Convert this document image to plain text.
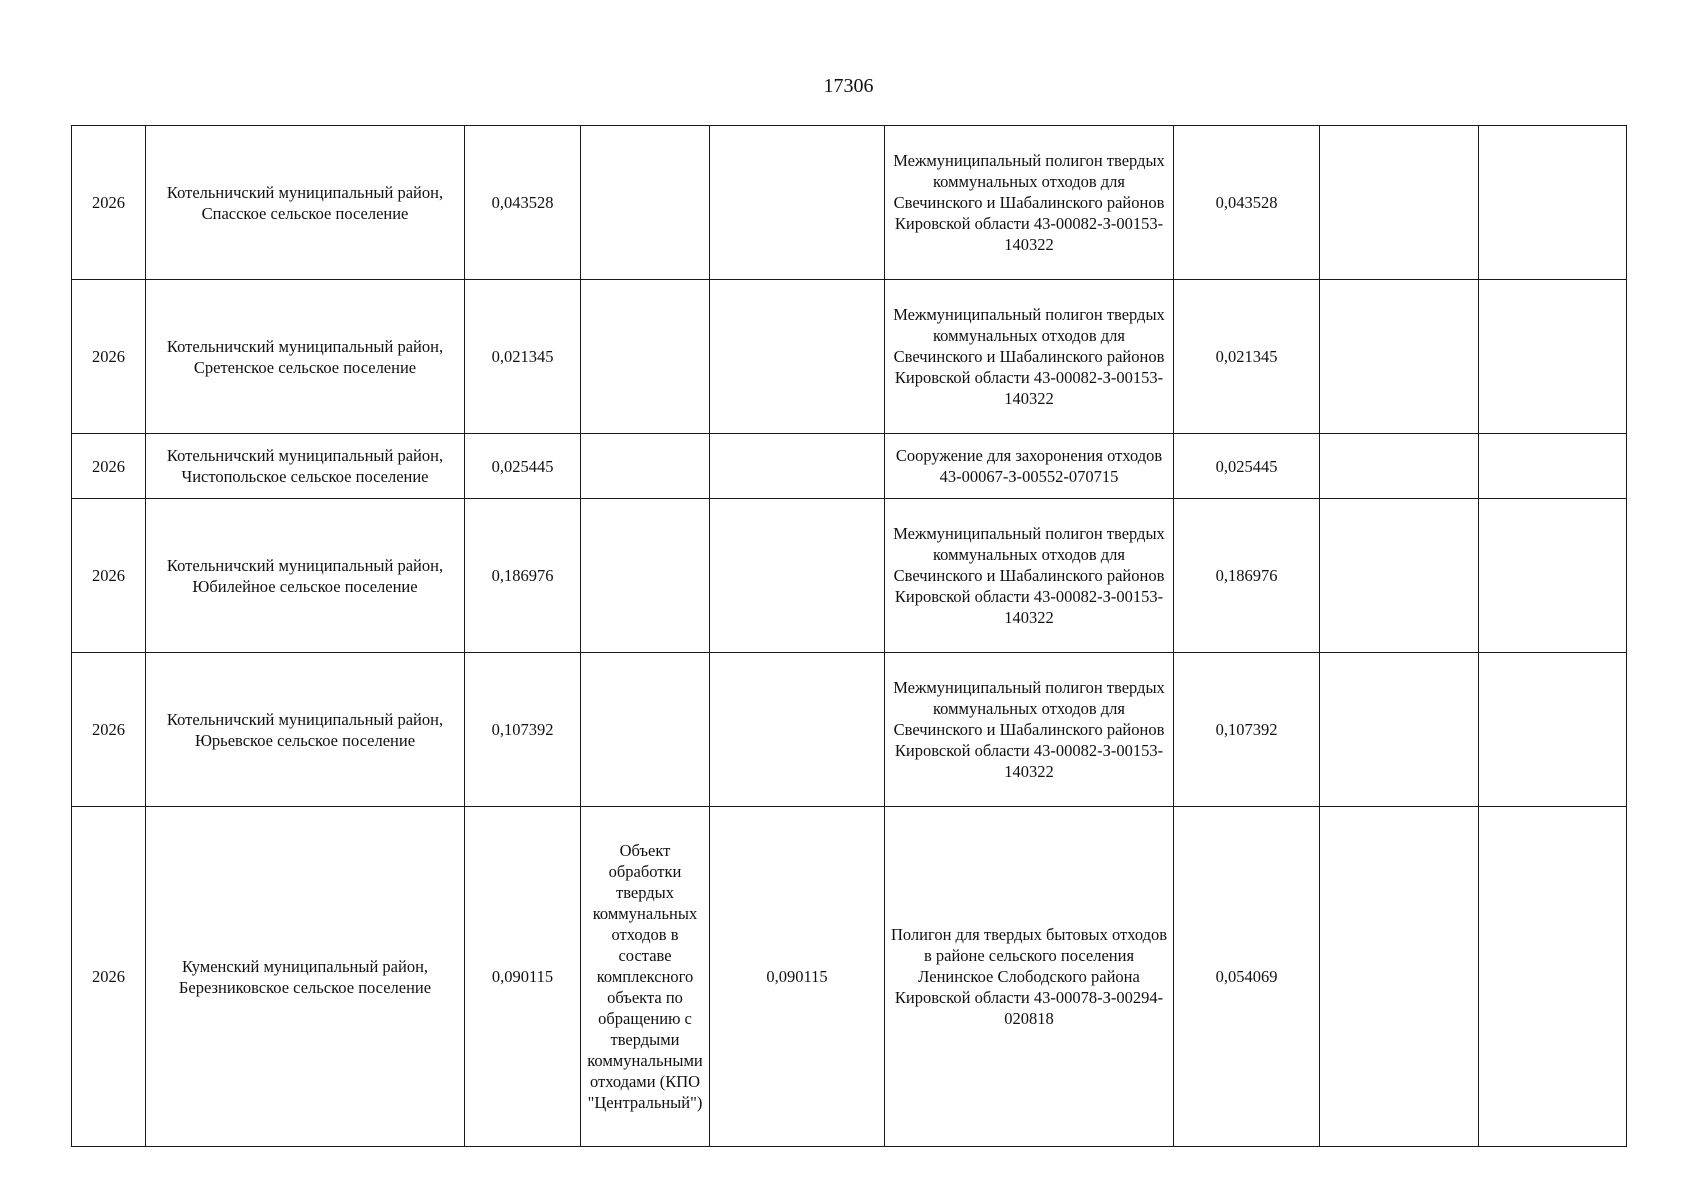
17306
2026	Котельничский муниципальный район, Спасское сельское поселение	0,043528			Межмуниципальный полигон твердых коммунальных отходов для Свечинского и Шабалинского районов Кировской области 43-00082-З-00153-140322	0,043528		
2026	Котельничский муниципальный район, Сретенское сельское поселение	0,021345			Межмуниципальный полигон твердых коммунальных отходов для Свечинского и Шабалинского районов Кировской области 43-00082-З-00153-140322	0,021345		
2026	Котельничский муниципальный район, Чистопольское сельское поселение	0,025445			Сооружение для захоронения отходов 43-00067-З-00552-070715	0,025445		
2026	Котельничский муниципальный район, Юбилейное сельское поселение	0,186976			Межмуниципальный полигон твердых коммунальных отходов для Свечинского и Шабалинского районов Кировской области 43-00082-З-00153-140322	0,186976		
2026	Котельничский муниципальный район, Юрьевское сельское поселение	0,107392			Межмуниципальный полигон твердых коммунальных отходов для Свечинского и Шабалинского районов Кировской области 43-00082-З-00153-140322	0,107392		
2026	Куменский муниципальный район, Березниковское сельское поселение	0,090115	Объект обработки твердых коммунальных отходов в составе комплексного объекта по обращению с твердыми коммунальными отходами (КПО "Центральный")	0,090115	Полигон для твердых бытовых отходов в районе сельского поселения Ленинское Слободского района Кировской области 43-00078-З-00294-020818	0,054069		
